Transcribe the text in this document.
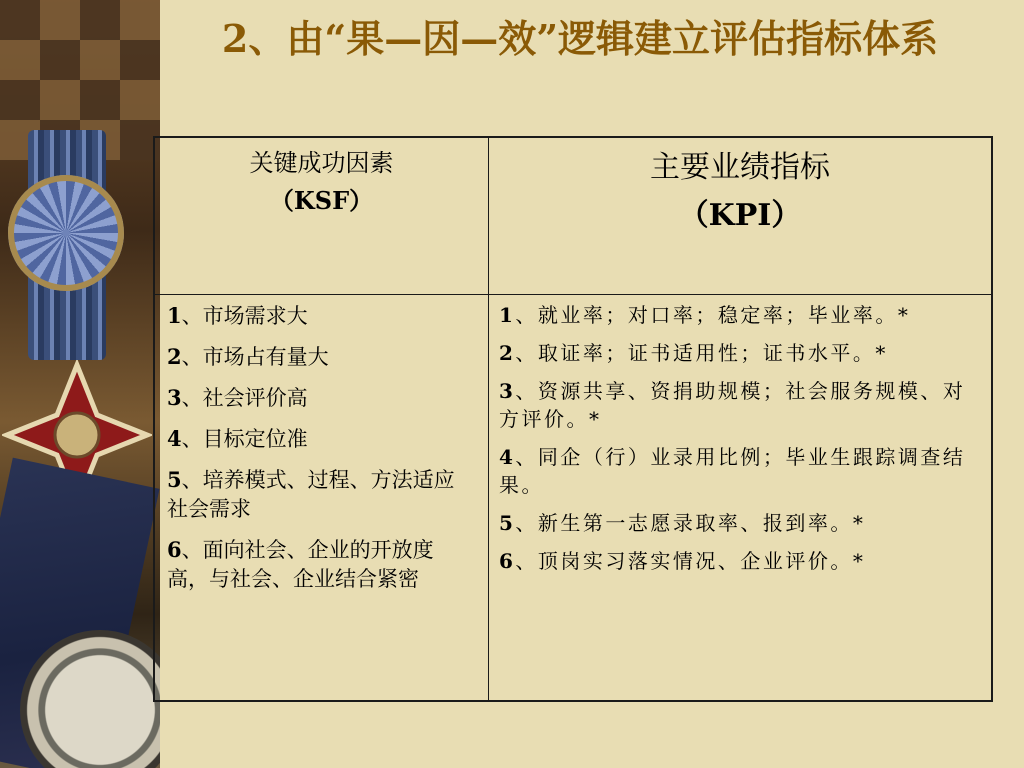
2、由“果—因—效”逻辑建立评估指标体系
关键成功因素
（KSF）
主要业绩指标
（KPI）
1、市场需求大
2、市场占有量大
3、社会评价高
4、目标定位准
5、培养模式、过程、方法适应社会需求
6、面向社会、企业的开放度高，与社会、企业结合紧密
1、就业率；对口率；稳定率；毕业率。*
2、取证率；证书适用性；证书水平。*
3、资源共享、资捐助规模；社会服务规模、对方评价。*
4、同企（行）业录用比例；毕业生跟踪调查结果。
5、新生第一志愿录取率、报到率。*
6、顶岗实习落实情况、企业评价。*
